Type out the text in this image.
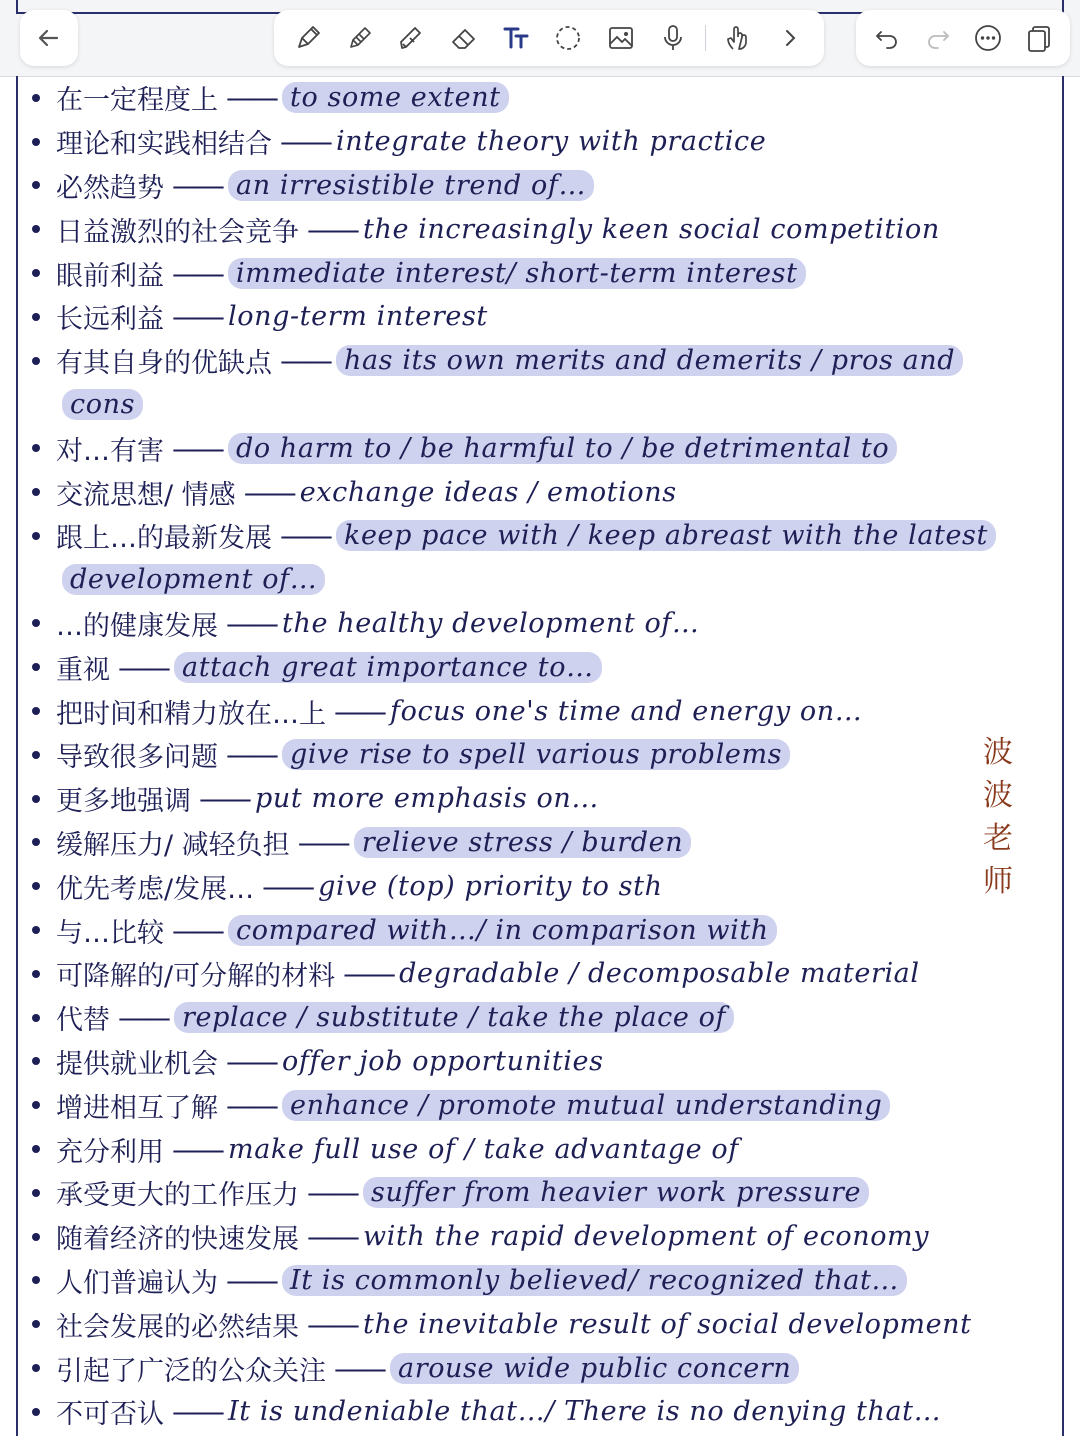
在一定程度上 —— to some extent
理论和实践相结合 —— integrate theory with practice
必然趋势 —— an irresistible trend of…
日益激烈的社会竞争 —— the increasingly keen social competition
眼前利益 —— immediate interest/ short-term interest
长远利益 —— long-term interest
有其自身的优缺点 —— has its own merits and demerits / pros and
cons
对…有害 —— do harm to / be harmful to / be detrimental to
交流思想/ 情感 —— exchange ideas / emotions
跟上…的最新发展 —— keep pace with / keep abreast with the latest
development of…
…的健康发展 —— the healthy development of…
重视 —— attach great importance to…
把时间和精力放在…上 —— focus one's time and energy on…
导致很多问题 —— give rise to spell various problems
更多地强调 —— put more emphasis on…
缓解压力/ 减轻负担 —— relieve stress / burden
优先考虑/发展… —— give (top) priority to sth
与…比较 —— compared with…/ in comparison with
可降解的/可分解的材料 —— degradable / decomposable material
代替 —— replace / substitute / take the place of
提供就业机会 —— offer job opportunities
增进相互了解 —— enhance / promote mutual understanding
充分利用 —— make full use of / take advantage of
承受更大的工作压力 —— suffer from heavier work pressure
随着经济的快速发展 —— with the rapid development of economy
人们普遍认为 —— It is commonly believed/ recognized that…
社会发展的必然结果 —— the inevitable result of social development
引起了广泛的公众关注 —— arouse wide public concern
不可否认 —— It is undeniable that…/ There is no denying that…
波
波
老
师
